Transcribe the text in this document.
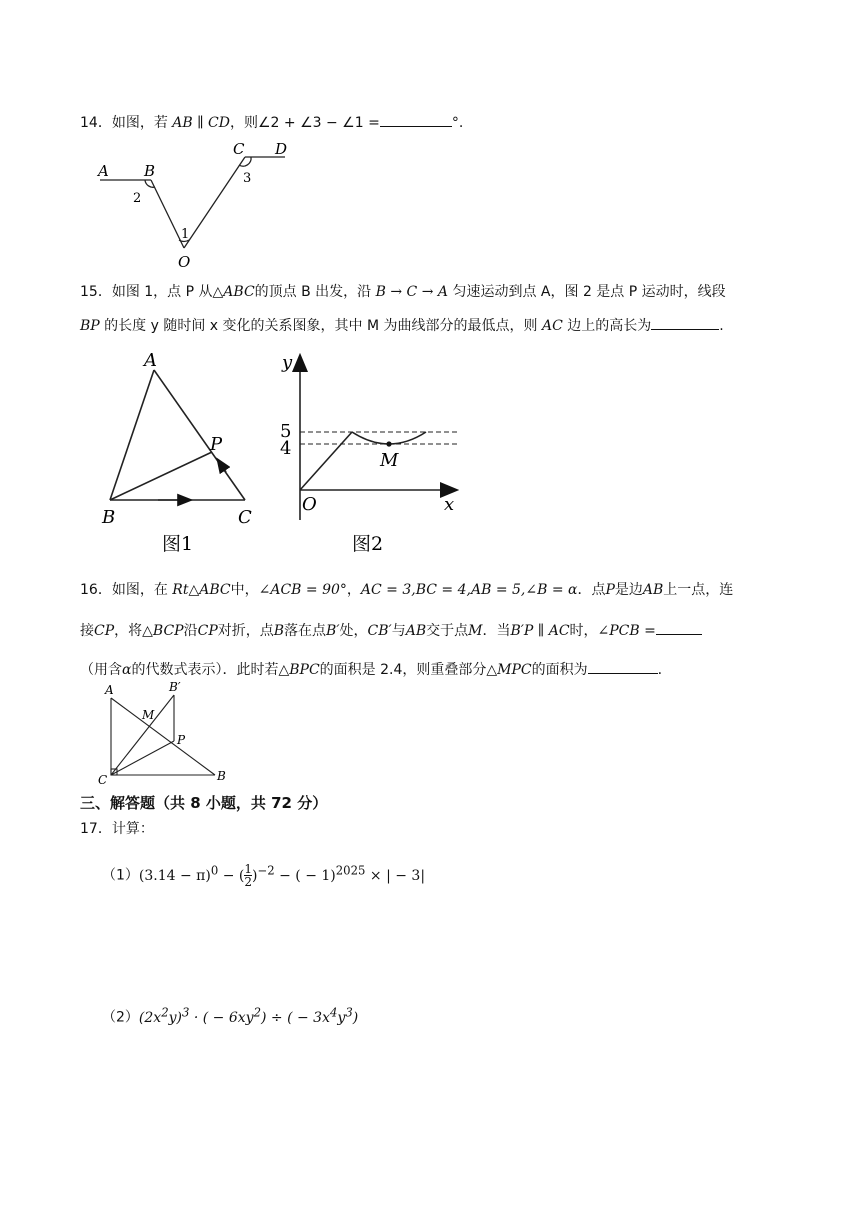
14．如图，若 AB ∥ CD，则∠2 + ∠3 − ∠1 =	°.
A B
C D
O
1
2
3
15．如图 1，点 P 从△ABC的顶点 B 出发，沿 B → C → A 匀速运动到点 A，图 2 是点 P 运动时，线段
BP 的长度 y 随时间 x 变化的关系图象，其中 M 为曲线部分的最低点，则 AC 边上的高长为	.
A
B	C
P
图1
y
x
O
M
5
4
图2
16．如图，在 Rt△ABC中，∠ACB = 90°，AC = 3,BC = 4,AB = 5,∠B = α．点P是边AB上一点，连
接CP，将△BCP沿CP对折，点B落在点B′处，CB′与AB交于点M．当B′P ∥ AC时，∠PCB =
（用含α的代数式表示）．此时若△BPC的面积是 2.4，则重叠部分△MPC的面积为	.
A
C	B
P
M
B′
三、解答题（共 8 小题，共 72 分）
17．计算：
$(1)(3.14 - \pi)^0$ − ( $\frac{1}{2} )^{-2}$ − ( − 1)$^{2025}$ × | − 3|
$(2)(2x^2y)^3$ · ( − $6xy^2$) ÷ ( − $3x^4y^3$)
